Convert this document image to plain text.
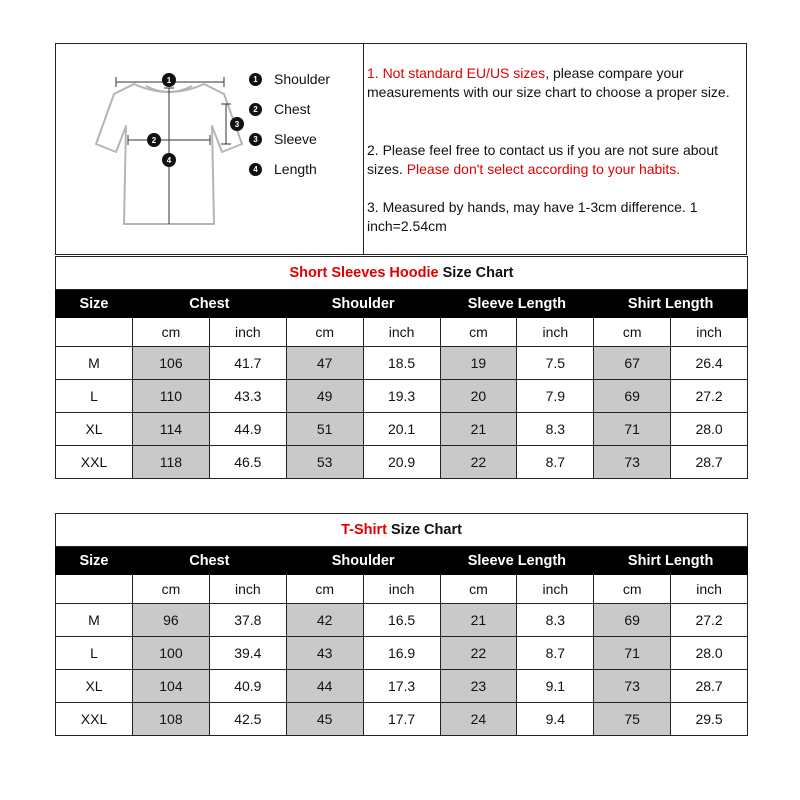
1
2
3
4
1	Shoulder
2	Chest
3	Sleeve
4	Length

1. Not standard EU/US sizes, please compare your measurements with our size chart to choose a proper size.

2. Please feel free to contact us if you are not sure about sizes. Please don't select according to your habits.

3. Measured by hands, may have 1-3cm difference. 1 inch=2.54cm

Short Sleeves Hoodie Size Chart								
Size	Chest		Shoulder		Sleeve Length		Shirt Length	
	cm	inch	cm	inch	cm	inch	cm	inch
M	106	41.7	47	18.5	19	7.5	67	26.4
L	110	43.3	49	19.3	20	7.9	69	27.2
XL	114	44.9	51	20.1	21	8.3	71	28.0
XXL	118	46.5	53	20.9	22	8.7	73	28.7
T-Shirt Size Chart								
Size	Chest		Shoulder		Sleeve Length		Shirt Length	
	cm	inch	cm	inch	cm	inch	cm	inch
M	96	37.8	42	16.5	21	8.3	69	27.2
L	100	39.4	43	16.9	22	8.7	71	28.0
XL	104	40.9	44	17.3	23	9.1	73	28.7
XXL	108	42.5	45	17.7	24	9.4	75	29.5
